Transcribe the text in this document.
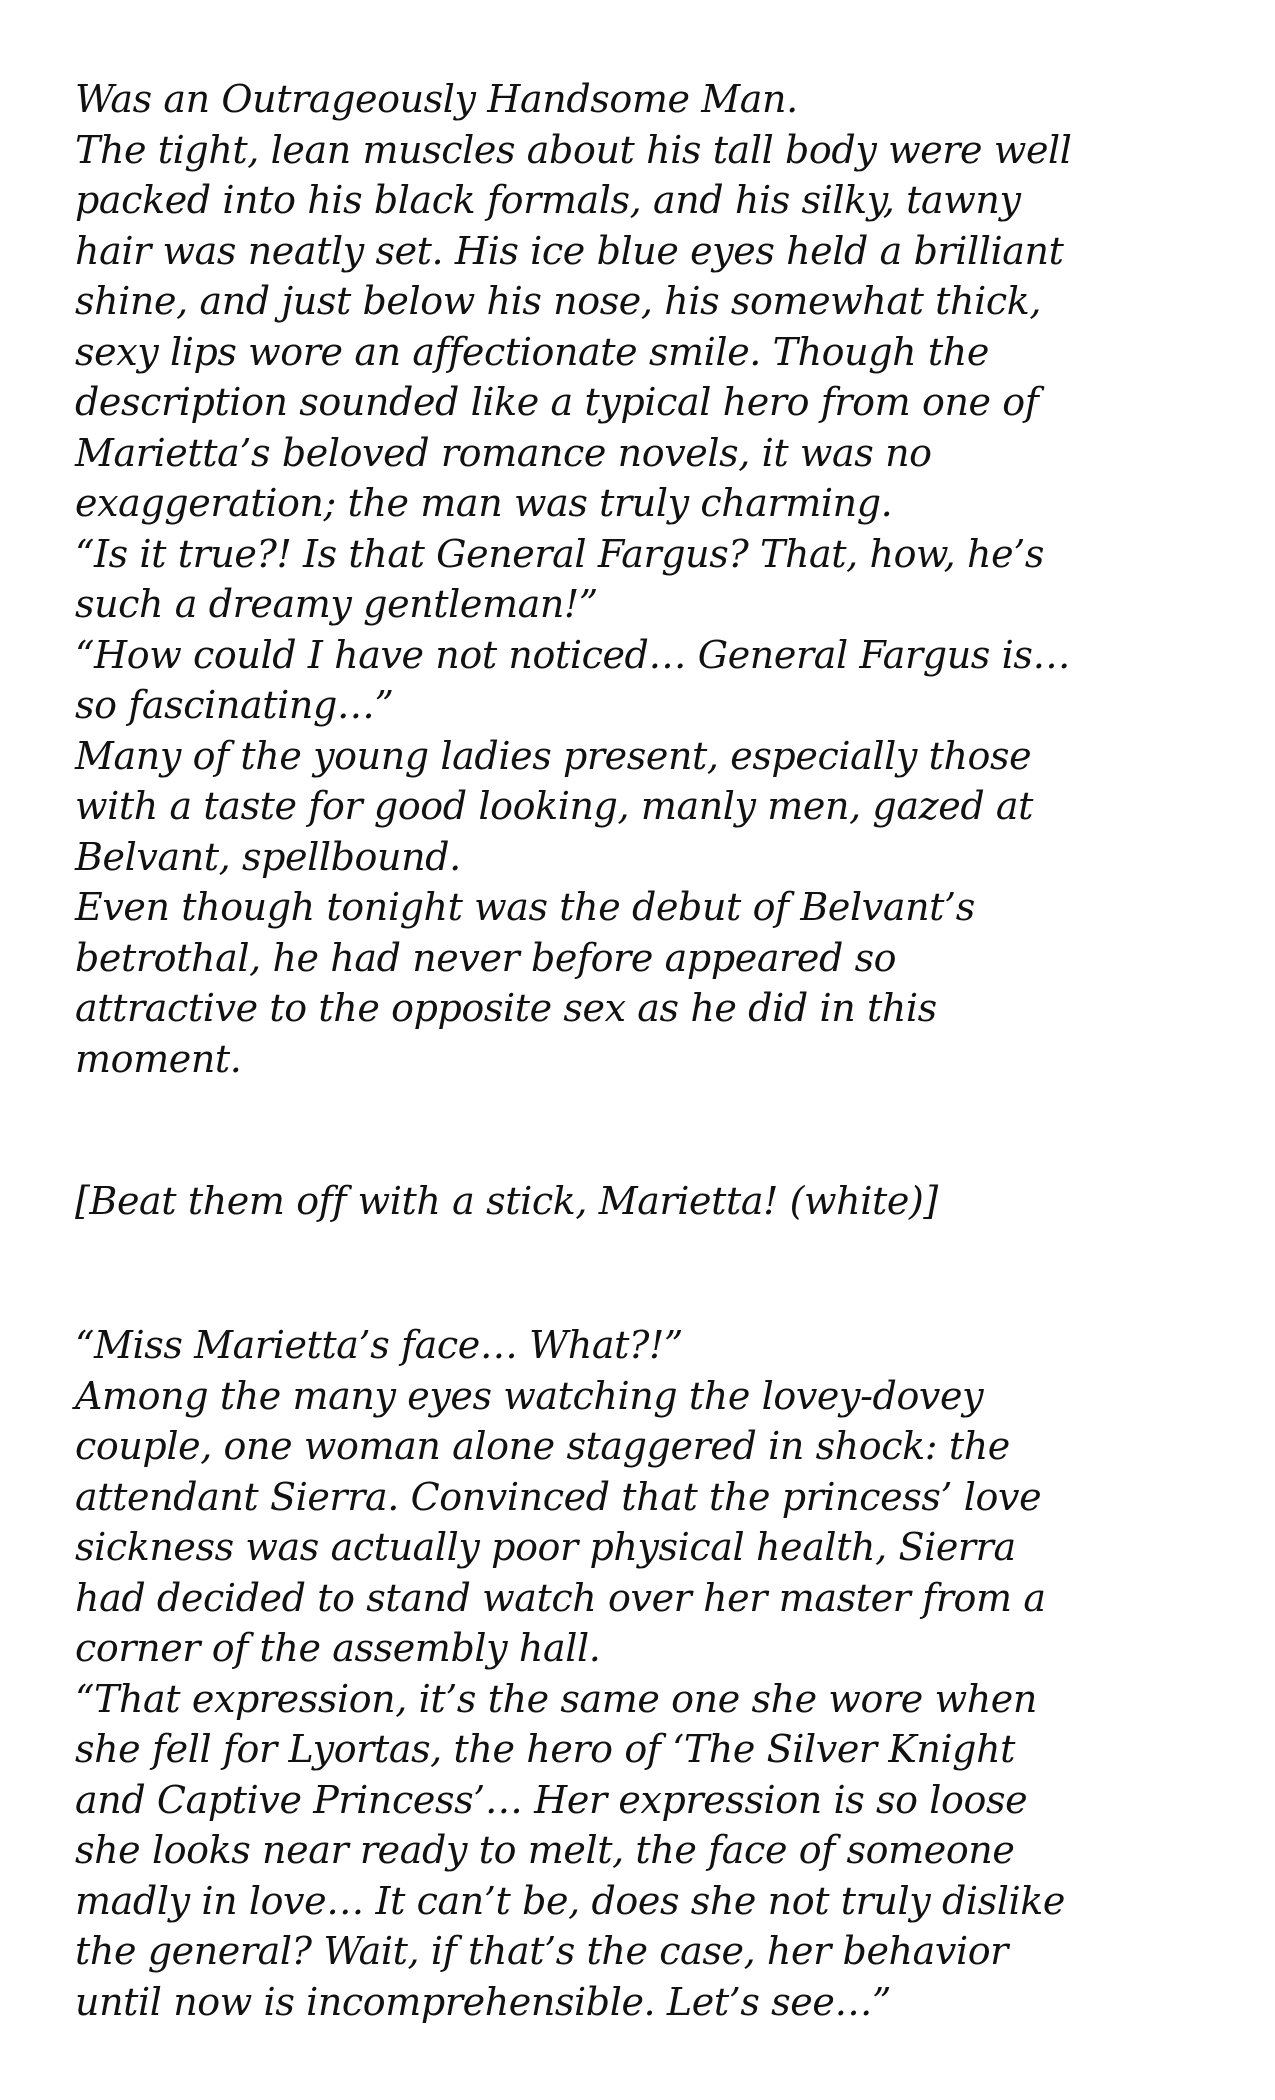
Was an Outrageously Handsome Man.

The tight, lean muscles about his tall body were well
packed into his black formals, and his silky, tawny
hair was neatly set. His ice blue eyes held a brilliant
shine, and just below his nose, his somewhat thick,
sexy lips wore an affectionate smile. Though the
description sounded like a typical hero from one of
Marietta’s beloved romance novels, it was no
exaggeration; the man was truly charming.

“Is it true?! Is that General Fargus? That, how, he’s
such a dreamy gentleman!”

“How could I have not noticed… General Fargus is…
so fascinating…”

Many of the young ladies present, especially those
with a taste for good looking, manly men, gazed at
Belvant, spellbound.

Even though tonight was the debut of Belvant’s
betrothal, he had never before appeared so
attractive to the opposite sex as he did in this
moment.

[Beat them off with a stick, Marietta! (white)]

“Miss Marietta’s face… What?!”

Among the many eyes watching the lovey-dovey
couple, one woman alone staggered in shock: the
attendant Sierra. Convinced that the princess’ love
sickness was actually poor physical health, Sierra
had decided to stand watch over her master from a
corner of the assembly hall.

“That expression, it’s the same one she wore when
she fell for Lyortas, the hero of ‘The Silver Knight
and Captive Princess’… Her expression is so loose
she looks near ready to melt, the face of someone
madly in love… It can’t be, does she not truly dislike
the general? Wait, if that’s the case, her behavior
until now is incomprehensible. Let’s see…”
